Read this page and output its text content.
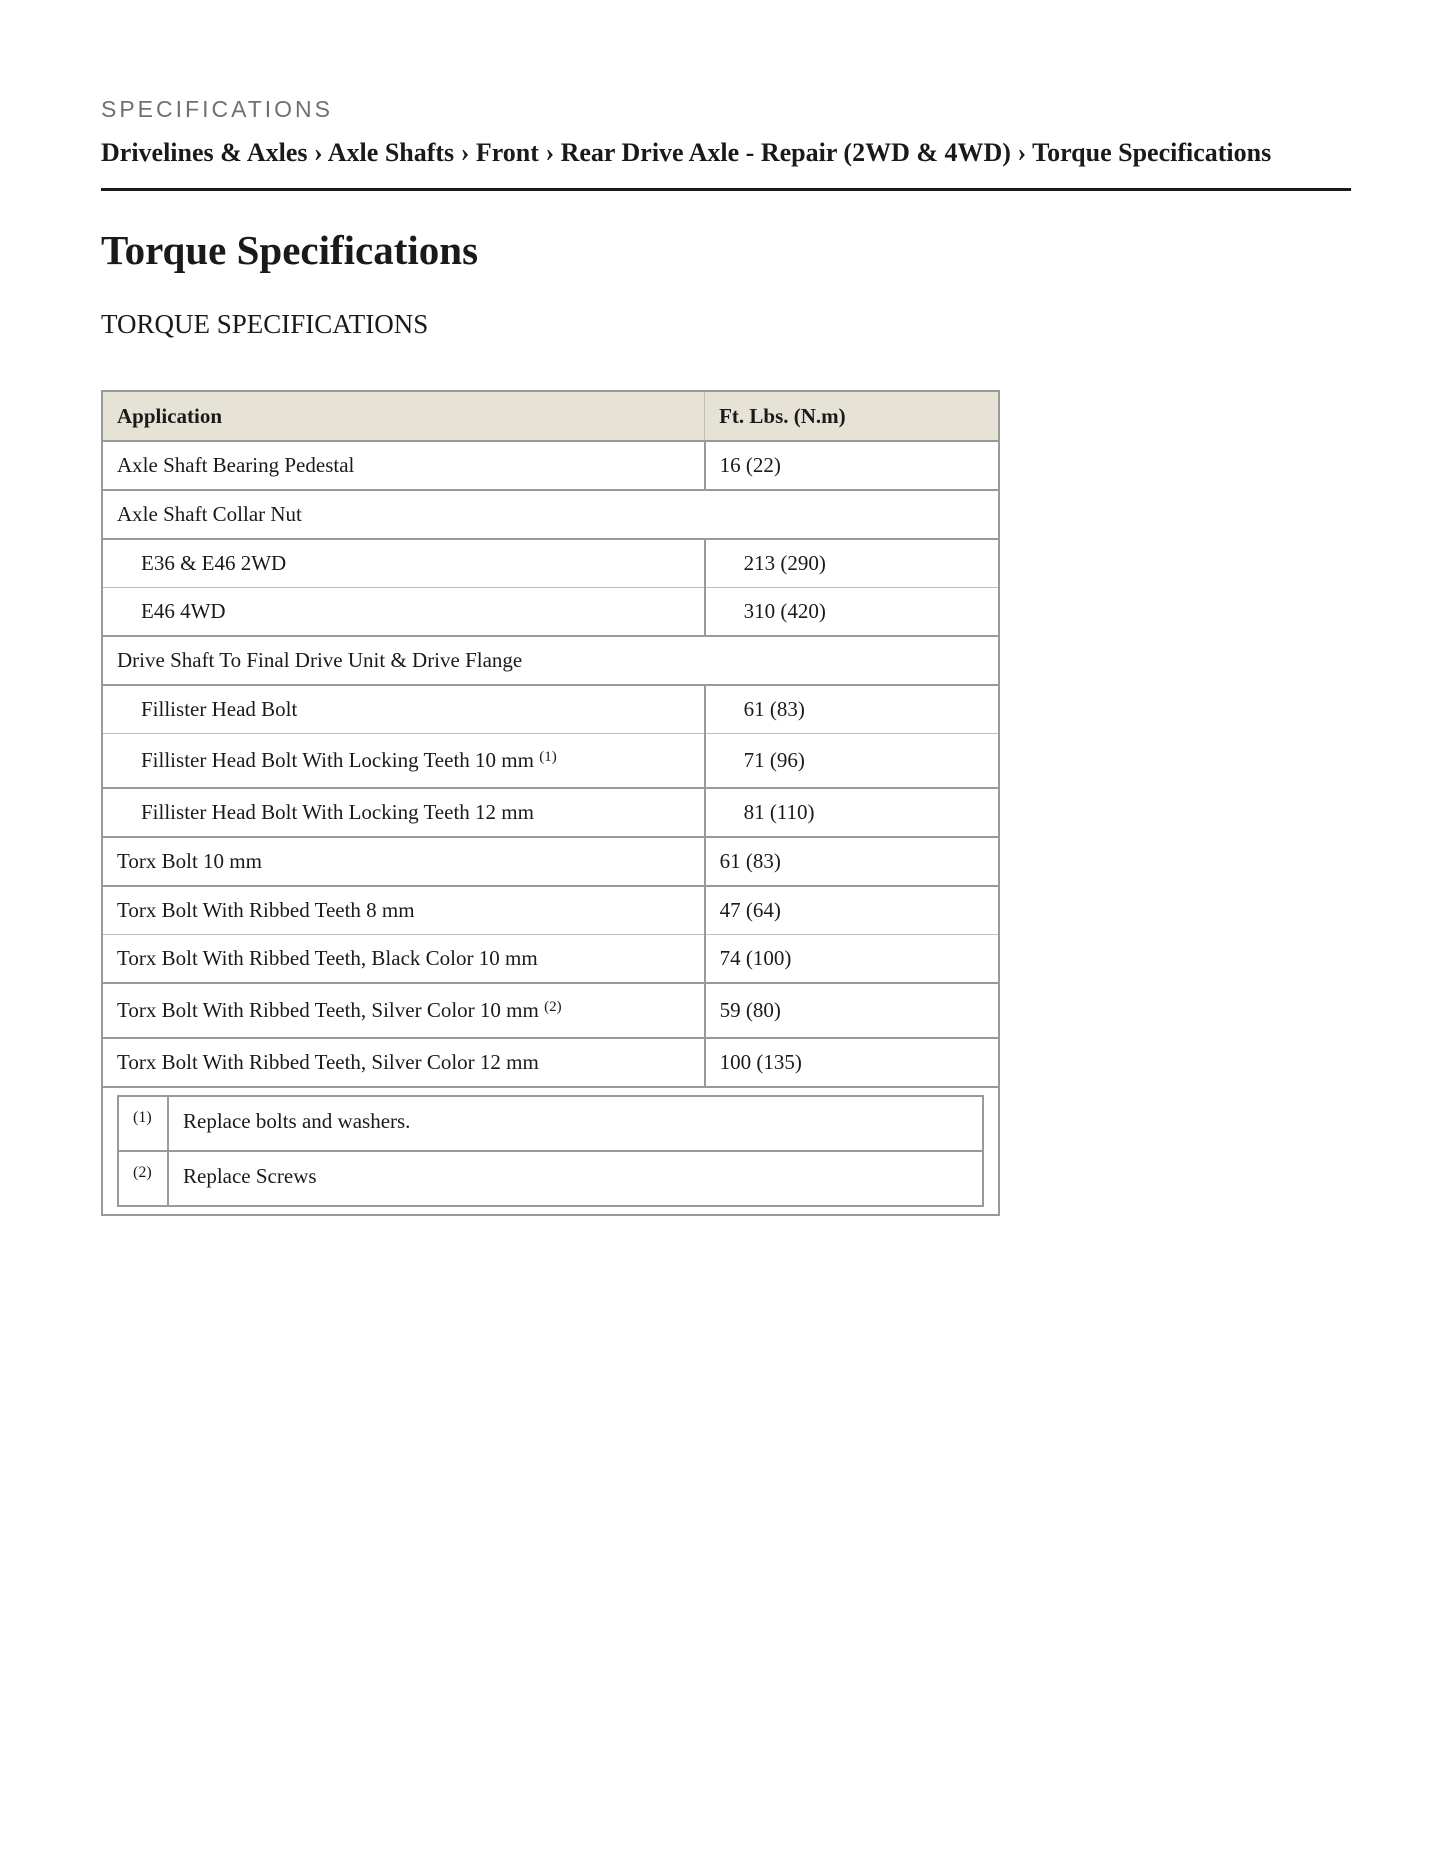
SPECIFICATIONS
Drivelines & Axles › Axle Shafts › Front › Rear Drive Axle - Repair (2WD & 4WD) › Torque Specifications
Torque Specifications
TORQUE SPECIFICATIONS
Application	Ft. Lbs. (N.m)
Axle Shaft Bearing Pedestal	16 (22)
Axle Shaft Collar Nut
E36 & E46 2WD	213 (290)
E46 4WD	310 (420)
Drive Shaft To Final Drive Unit & Drive Flange
Fillister Head Bolt	61 (83)
Fillister Head Bolt With Locking Teeth 10 mm $^{(1)}$	71 (96)
Fillister Head Bolt With Locking Teeth 12 mm	81 (110)
Torx Bolt 10 mm	61 (83)
Torx Bolt With Ribbed Teeth 8 mm	47 (64)
Torx Bolt With Ribbed Teeth, Black Color 10 mm	74 (100)
Torx Bolt With Ribbed Teeth, Silver Color 10 mm $^{(2)}$	59 (80)
Torx Bolt With Ribbed Teeth, Silver Color 12 mm	100 (135)

(1)	Replace bolts and washers.
(2)	Replace Screws
